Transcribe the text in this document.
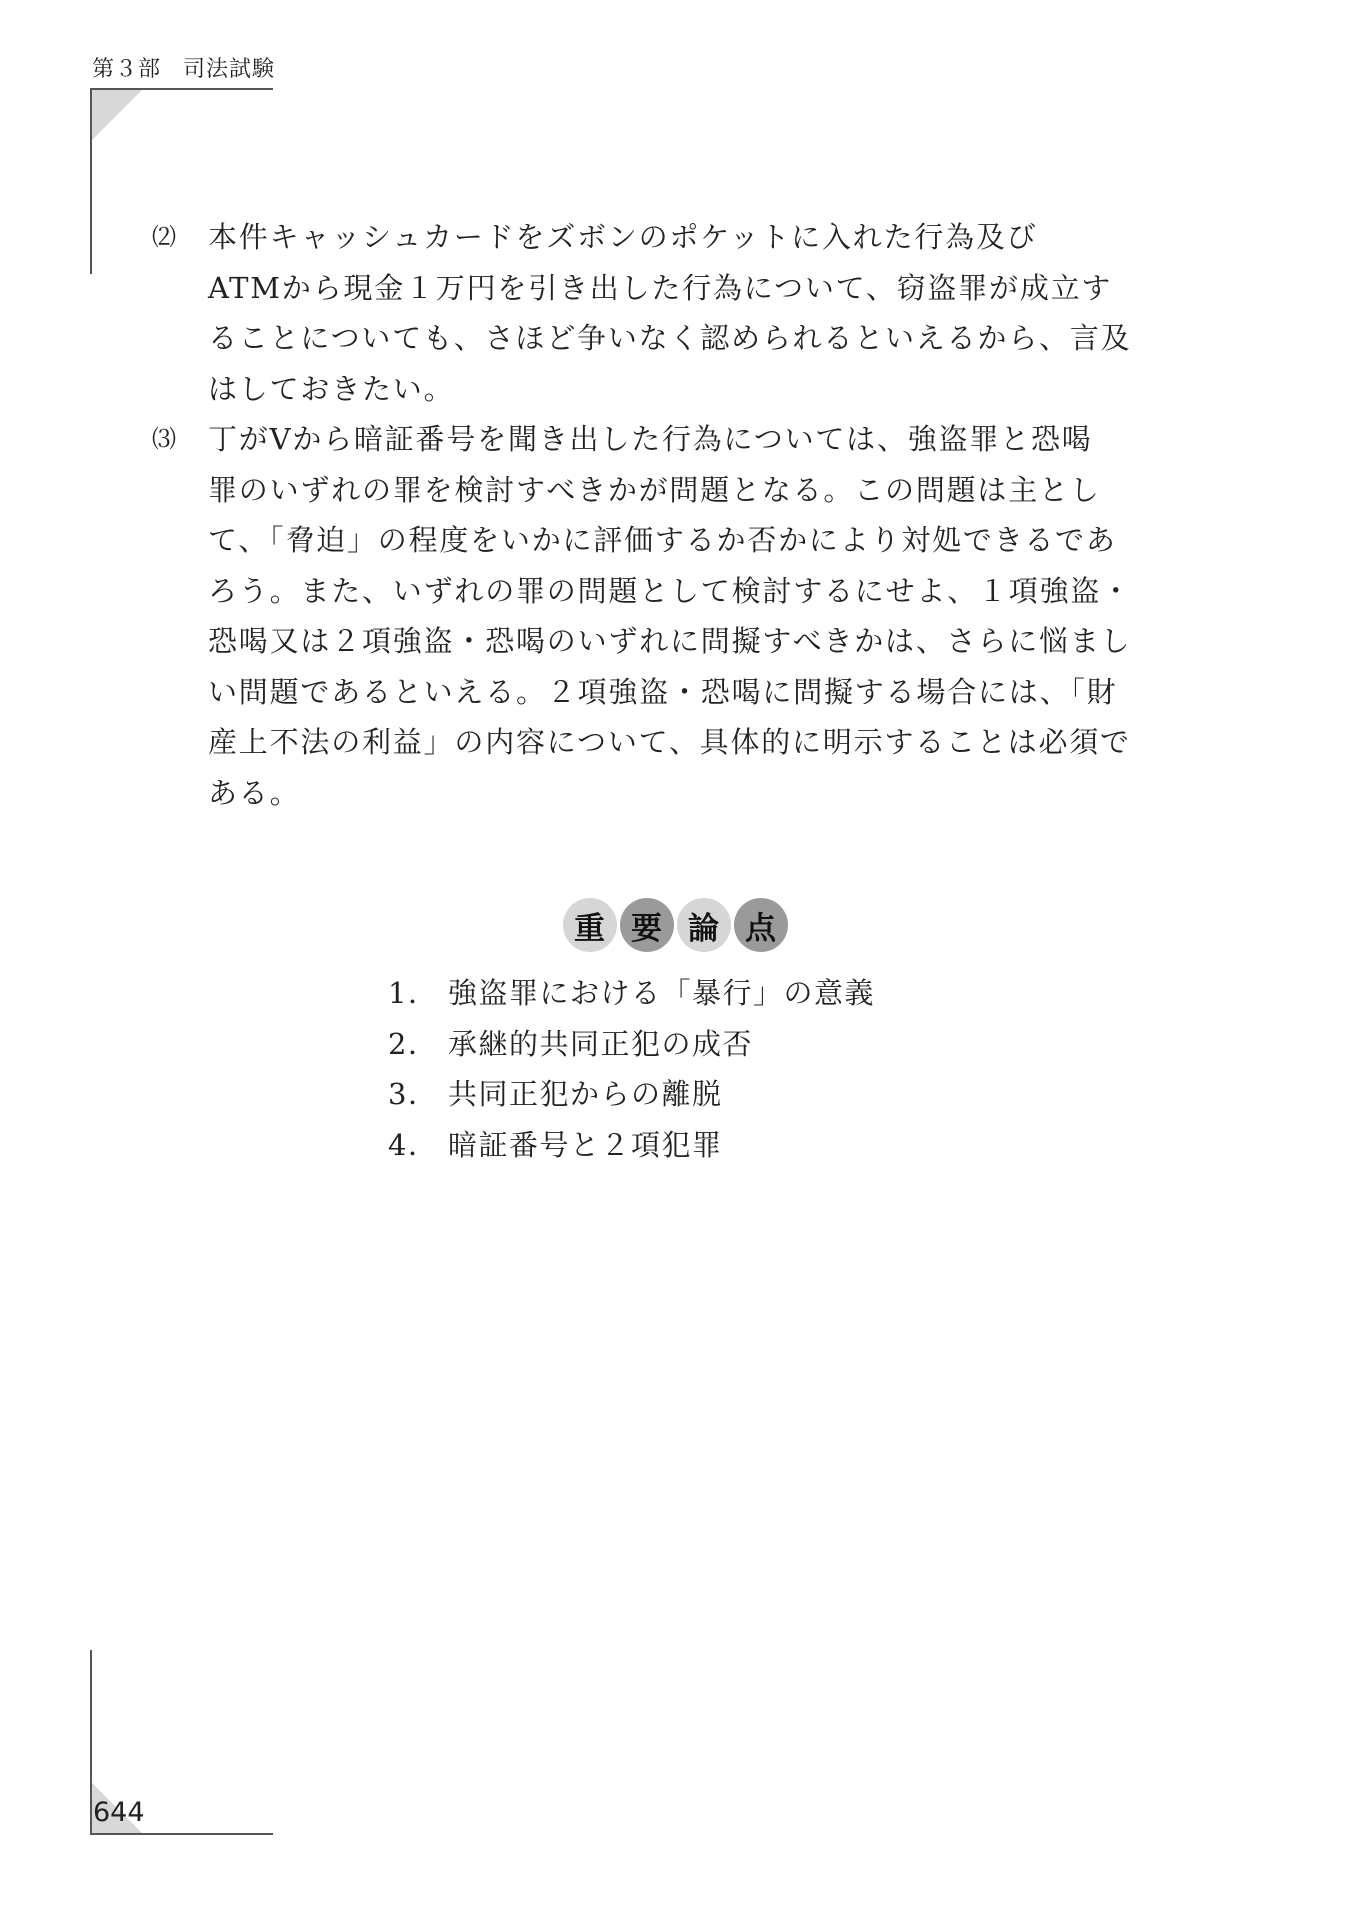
第３部 司法試験
⑵	本件キャッシュカードをズボンのポケットに入れた行為及び
ATMから現金１万円を引き出した行為について、窃盗罪が成立す
ることについても、さほど争いなく認められるといえるから、言及
はしておきたい。
⑶	丁がVから暗証番号を聞き出した行為については、強盗罪と恐喝
罪のいずれの罪を検討すべきかが問題となる。この問題は主とし
て、「脅迫」の程度をいかに評価するか否かにより対処できるであ
ろう。また、いずれの罪の問題として検討するにせよ、１項強盗・
恐喝又は２項強盗・恐喝のいずれに問擬すべきかは、さらに悩まし
い問題であるといえる。２項強盗・恐喝に問擬する場合には、「財
産上不法の利益」の内容について、具体的に明示することは必須で
ある。
重 要 論 点
1． 強盗罪における「暴行」の意義
2． 承継的共同正犯の成否
3． 共同正犯からの離脱
4． 暗証番号と２項犯罪
644
